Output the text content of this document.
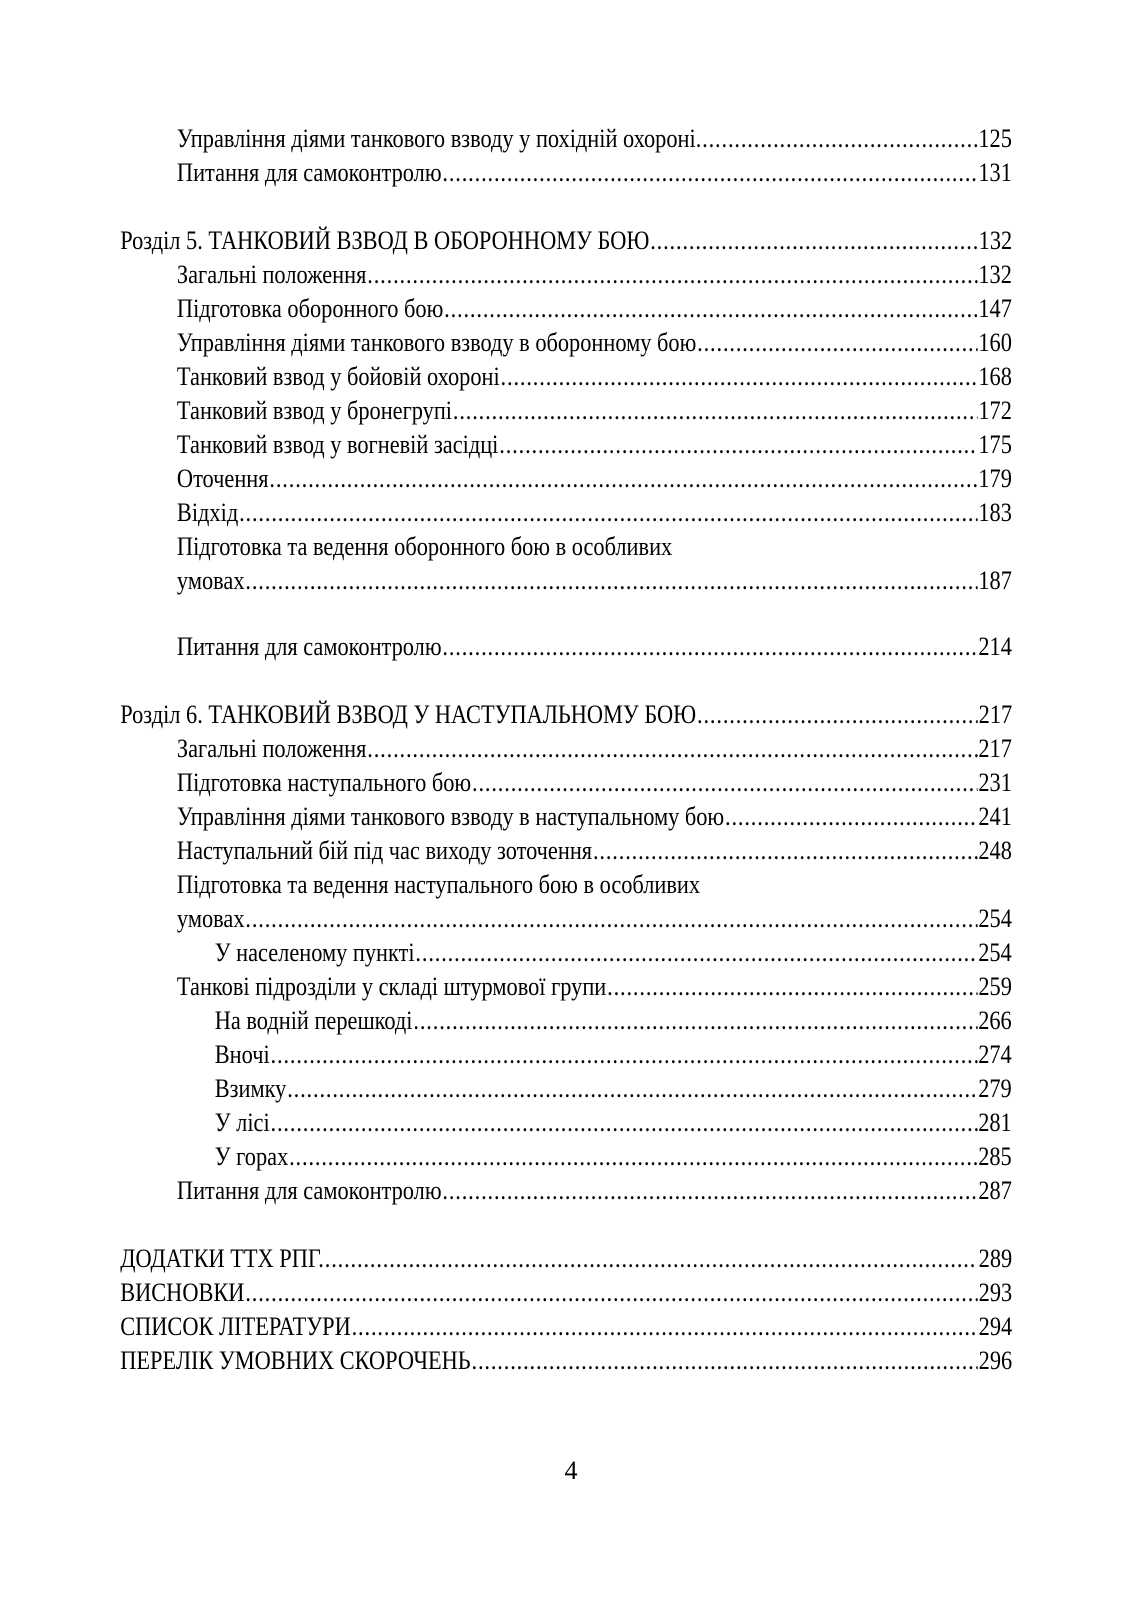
Управління діями танкового взводу у похідній охороні. .....	125
Питання для самоконтролю .....	131
Розділ 5. ТАНКОВИЙ ВЗВОД В ОБОРОННОМУ БОЮ .....	132
Загальні положення .....	132
Підготовка оборонного бою .....	147
Управління діями танкового взводу в оборонному бою .....	160
Танковий взвод у бойовій охороні .....	168
Танковий взвод у бронегрупі .....	172
Танковий взвод у вогневій засідці .....	175
Оточення .....	179
Відхід .....	183
Підготовка та ведення оборонного бою в особливих
умовах .....	187
Питання для самоконтролю .....	214
Розділ 6. ТАНКОВИЙ ВЗВОД У НАСТУПАЛЬНОМУ БОЮ .....	217
Загальні положення .....	217
Підготовка наступального бою .....	231
Управління діями танкового взводу в наступальному бою .....	241
Наступальний бій під час виходу зоточення .....	248
Підготовка та ведення наступального бою в особливих
умовах .....	254
У населеному пункті .....	254
Танкові підрозділи у складі штурмової групи .....	259
На водній перешкоді .....	266
Вночі .....	274
Взимку .....	279
У лісі .....	281
У горах .....	285
Питання для самоконтролю .....	287
ДОДАТКИ ТТХ РПГ. .....	289
ВИСНОВКИ .....	293
СПИСОК ЛІТЕРАТУРИ .....	294
ПЕРЕЛІК УМОВНИХ СКОРОЧЕНЬ .....	296
4
